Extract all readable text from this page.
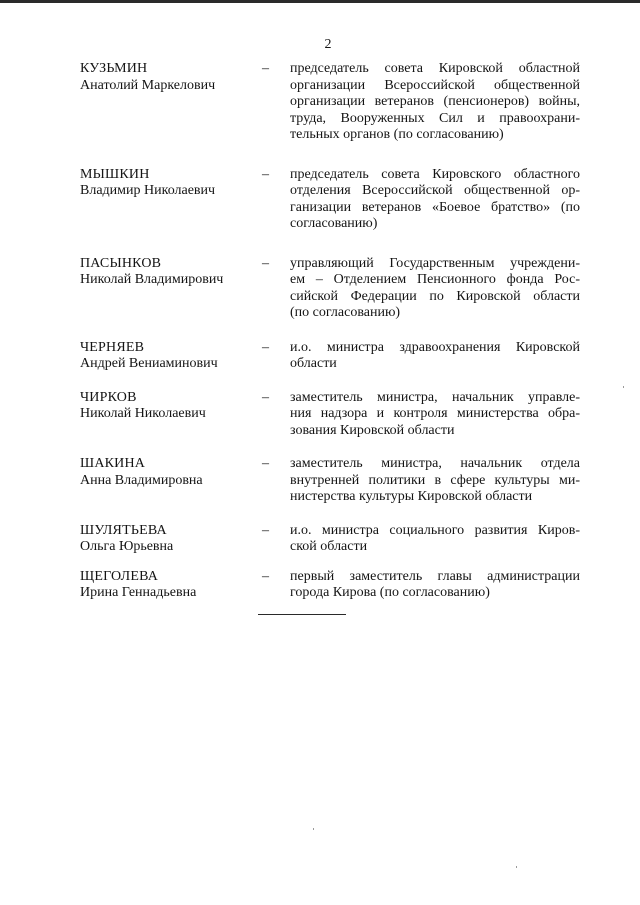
2
КУЗЬМИН
Анатолий Маркелович
–	председатель совета Кировской областной
организации Всероссийской общественной
организации ветеранов (пенсионеров) войны,
труда, Вооруженных Сил и правоохрани-
тельных органов (по согласованию)
МЫШКИН
Владимир Николаевич
–	председатель совета Кировского областного
отделения Всероссийской общественной ор-
ганизации ветеранов «Боевое братство» (по
согласованию)
ПАСЫНКОВ
Николай Владимирович
–	управляющий Государственным учреждени-
ем – Отделением Пенсионного фонда Рос-
сийской Федерации по Кировской области
(по согласованию)
ЧЕРНЯЕВ
Андрей Вениаминович
–	и.о. министра здравоохранения Кировской
области
ЧИРКОВ
Николай Николаевич
–	заместитель министра, начальник управле-
ния надзора и контроля министерства обра-
зования Кировской области
ШАКИНА
Анна Владимировна
–	заместитель министра, начальник отдела
внутренней политики в сфере культуры ми-
нистерства культуры Кировской области
ШУЛЯТЬЕВА
Ольга Юрьевна
–	и.о. министра социального развития Киров-
ской области
ЩЕГОЛЕВА
Ирина Геннадьевна
–	первый заместитель главы администрации
города Кирова (по согласованию)
